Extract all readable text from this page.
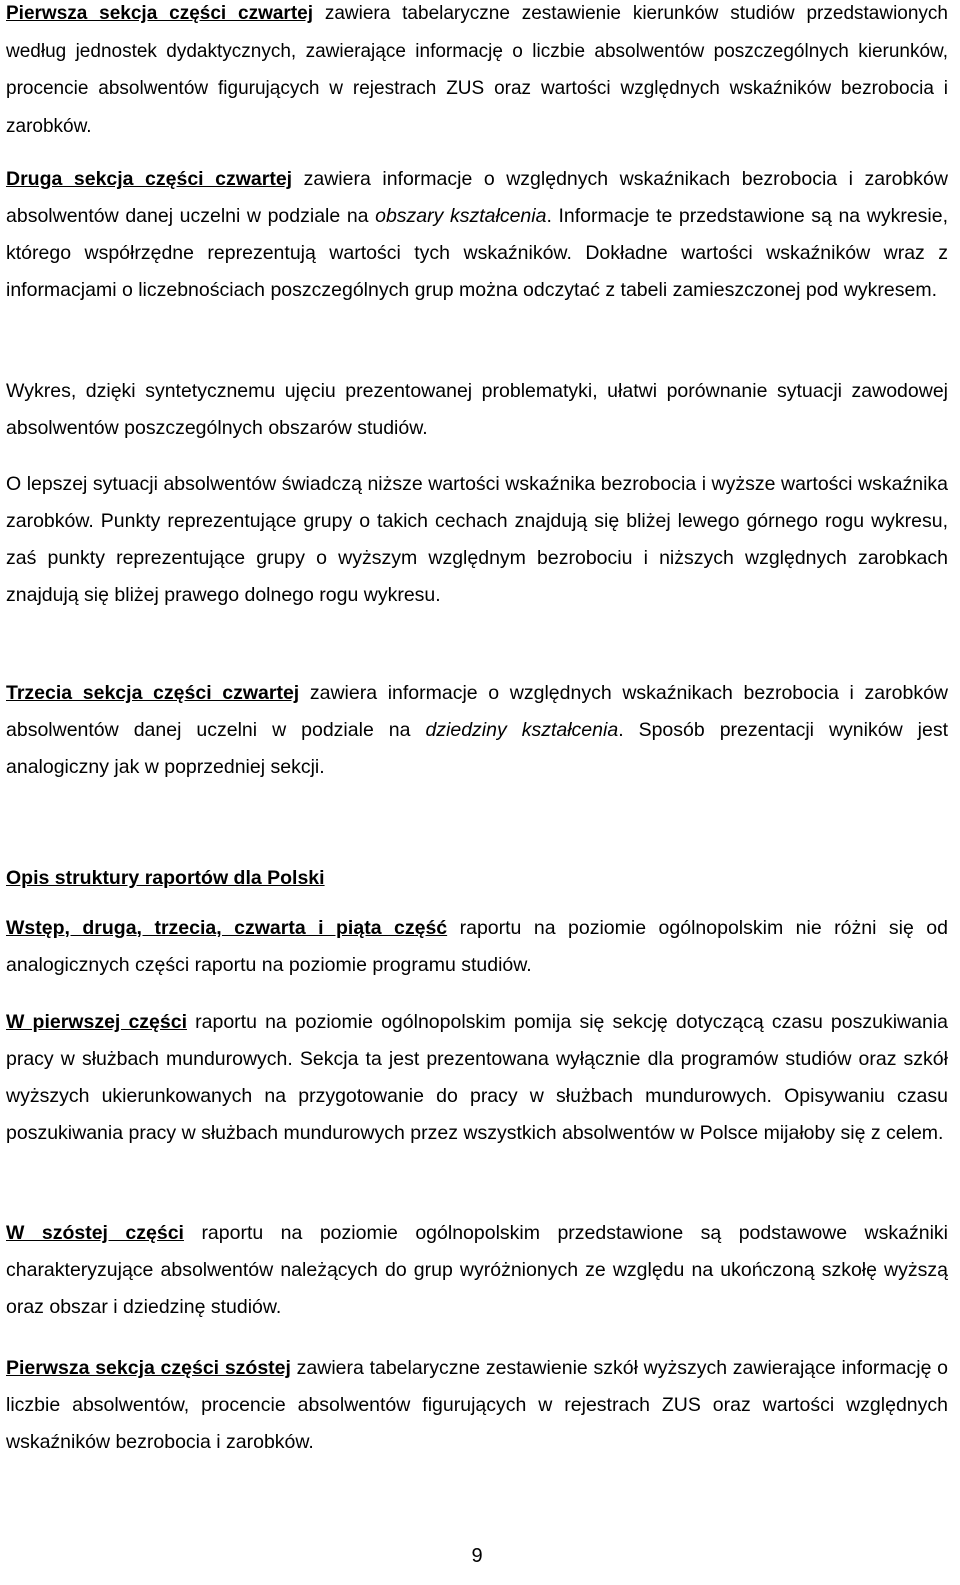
Pierwsza sekcja części czwartej zawiera tabelaryczne zestawienie kierunków studiów przedstawionych według jednostek dydaktycznych, zawierające informację o liczbie absolwentów poszczególnych kierunków, procencie absolwentów figurujących w rejestrach ZUS oraz wartości względnych wskaźników bezrobocia i zarobków.

Druga sekcja części czwartej zawiera informacje o względnych wskaźnikach bezrobocia i zarobków absolwentów danej uczelni w podziale na obszary kształcenia. Informacje te przedstawione są na wykresie, którego współrzędne reprezentują wartości tych wskaźników. Dokładne wartości wskaźników wraz z informacjami o liczebnościach poszczególnych grup można odczytać z tabeli zamieszczonej pod wykresem.

Wykres, dzięki syntetycznemu ujęciu prezentowanej problematyki, ułatwi porównanie sytuacji zawodowej absolwentów poszczególnych obszarów studiów.

O lepszej sytuacji absolwentów świadczą niższe wartości wskaźnika bezrobocia i wyższe wartości wskaźnika zarobków. Punkty reprezentujące grupy o takich cechach znajdują się bliżej lewego górnego rogu wykresu, zaś punkty reprezentujące grupy o wyższym względnym bezrobociu i niższych względnych zarobkach znajdują się bliżej prawego dolnego rogu wykresu.

Trzecia sekcja części czwartej zawiera informacje o względnych wskaźnikach bezrobocia i zarobków absolwentów danej uczelni w podziale na dziedziny kształcenia. Sposób prezentacji wyników jest analogiczny jak w poprzedniej sekcji.

Opis struktury raportów dla Polski

Wstęp, druga, trzecia, czwarta i piąta część raportu na poziomie ogólnopolskim nie różni się od analogicznych części raportu na poziomie programu studiów.

W pierwszej części raportu na poziomie ogólnopolskim pomija się sekcję dotyczącą czasu poszukiwania pracy w służbach mundurowych. Sekcja ta jest prezentowana wyłącznie dla programów studiów oraz szkół wyższych ukierunkowanych na przygotowanie do pracy w służbach mundurowych. Opisywaniu czasu poszukiwania pracy w służbach mundurowych przez wszystkich absolwentów w Polsce mijałoby się z celem.

W szóstej części raportu na poziomie ogólnopolskim przedstawione są podstawowe wskaźniki charakteryzujące absolwentów należących do grup wyróżnionych ze względu na ukończoną szkołę wyższą oraz obszar i dziedzinę studiów.

Pierwsza sekcja części szóstej zawiera tabelaryczne zestawienie szkół wyższych zawierające informację o liczbie absolwentów, procencie absolwentów figurujących w rejestrach ZUS oraz wartości względnych wskaźników bezrobocia i zarobków.

9
